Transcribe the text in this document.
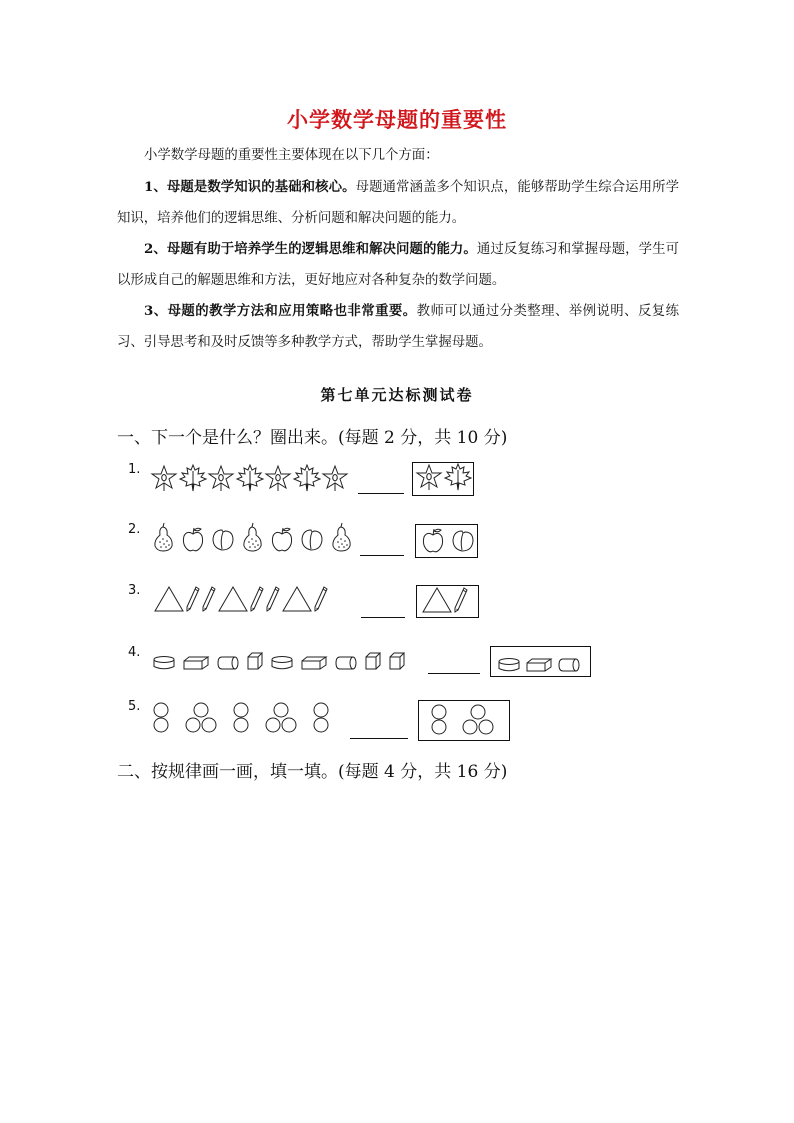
小学数学母题的重要性
小学数学母题的重要性主要体现在以下几个方面：
1、母题是数学知识的基础和核心。母题通常涵盖多个知识点，能够帮助学生综合运用所学知识，培养他们的逻辑思维、分析问题和解决问题的能力。
2、母题有助于培养学生的逻辑思维和解决问题的能力。通过反复练习和掌握母题，学生可以形成自己的解题思维和方法，更好地应对各种复杂的数学问题。
3、母题的教学方法和应用策略也非常重要。教师可以通过分类整理、举例说明、反复练习、引导思考和及时反馈等多种教学方式，帮助学生掌握母题。
第七单元达标测试卷
一、下一个是什么？圈出来。(每题 2 分，共 10 分)
1.
2.
3.
4.
5.
二、按规律画一画，填一填。(每题 4 分，共 16 分)
